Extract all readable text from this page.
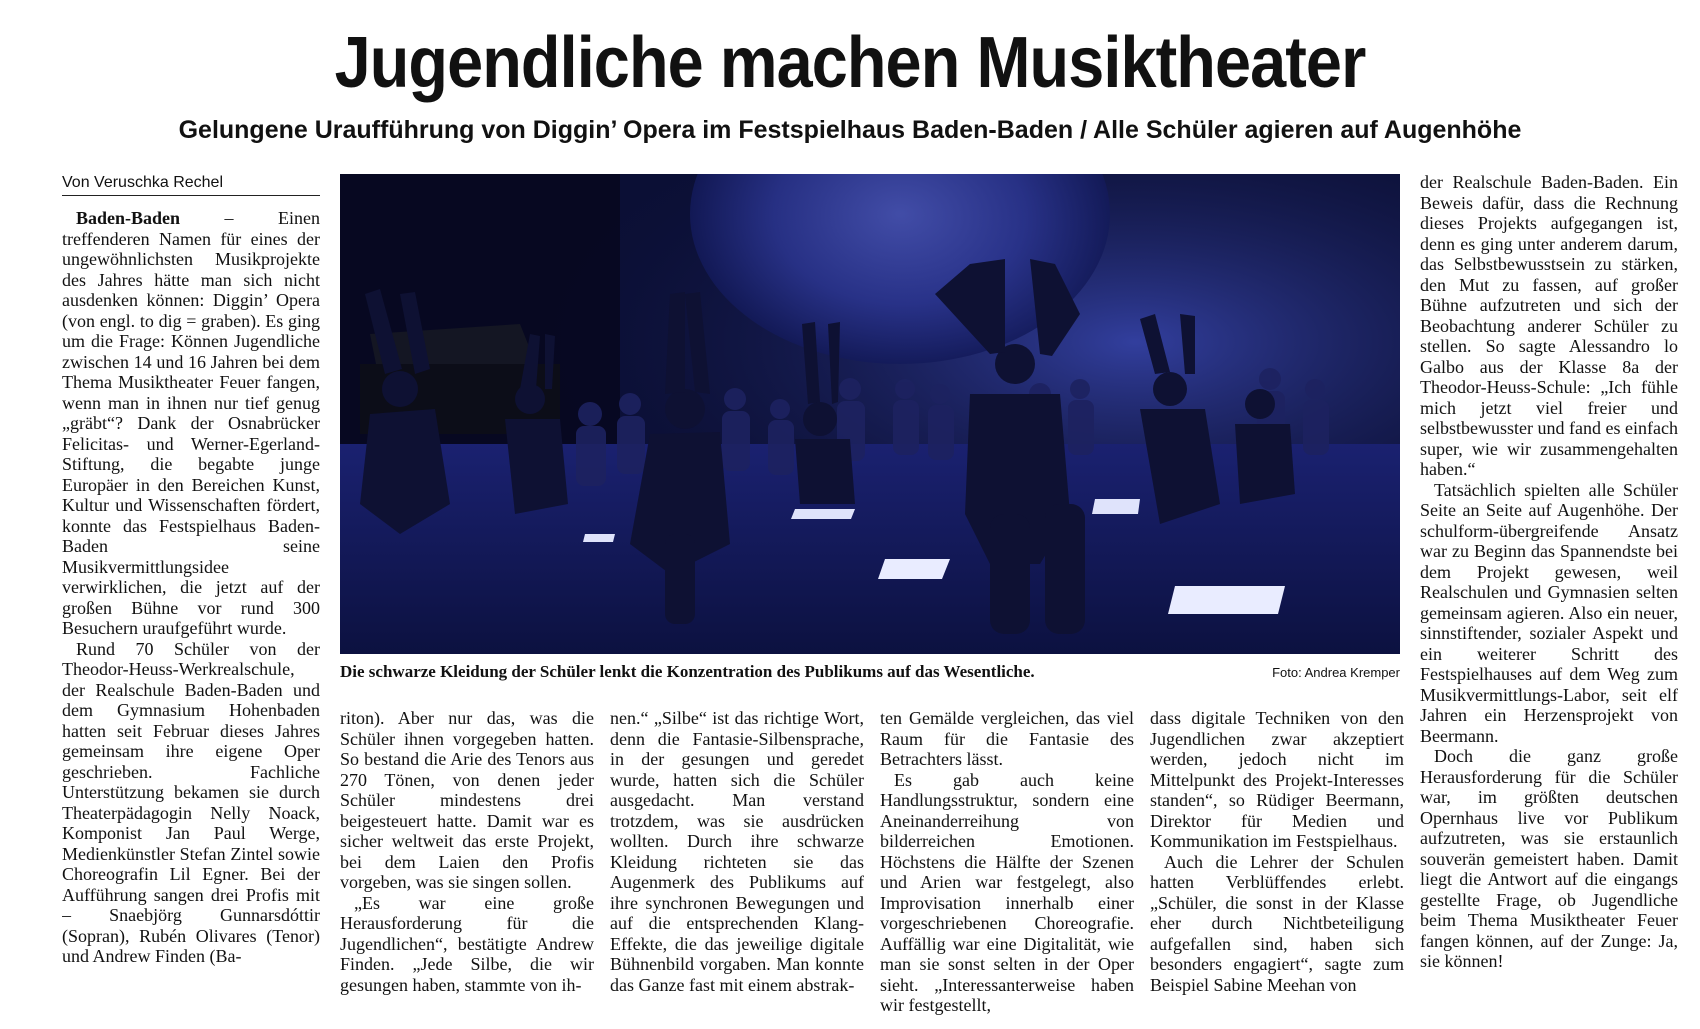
Jugendliche machen Musiktheater
Gelungene Uraufführung von Diggin’ Opera im Festspielhaus Baden-Baden / Alle Schüler agieren auf Augenhöhe
Von Veruschka Rechel

Baden-Baden – Einen treffenderen Namen für eines der ungewöhnlichsten Musikprojekte des Jahres hätte man sich nicht ausdenken können: Diggin’ Opera (von engl. to dig = graben). Es ging um die Frage: Können Jugendliche zwischen 14 und 16 Jahren bei dem Thema Musiktheater Feuer fangen, wenn man in ihnen nur tief genug „gräbt“? Dank der Osnabrücker Felicitas- und Werner-Egerland-Stiftung, die begabte junge Europäer in den Bereichen Kunst, Kultur und Wissenschaften fördert, konnte das Festspielhaus Baden-Baden seine Musikvermittlungsidee verwirklichen, die jetzt auf der großen Bühne vor rund 300 Besuchern uraufgeführt wurde.

Rund 70 Schüler von der Theodor-Heuss-Werkrealschule, der Realschule Baden-Baden und dem Gymnasium Hohenbaden hatten seit Februar dieses Jahres gemeinsam ihre eigene Oper geschrieben. Fachliche Unterstützung bekamen sie durch Theaterpädagogin Nelly Noack, Komponist Jan Paul Werge, Medienkünstler Stefan Zintel sowie Choreografin Lil Egner. Bei der Aufführung sangen drei Profis mit – Snaebjörg Gunnarsdóttir (Sopran), Rubén Olivares (Tenor) und Andrew Finden (Ba-

Die schwarze Kleidung der Schüler lenkt die Konzentration des Publikums auf das Wesentliche.	Foto: Andrea Kremper

riton). Aber nur das, was die Schüler ihnen vorgegeben hatten. So bestand die Arie des Tenors aus 270 Tönen, von denen jeder Schüler mindestens drei beigesteuert hatte. Damit war es sicher weltweit das erste Projekt, bei dem Laien den Profis vorgeben, was sie singen sollen.

„Es war eine große Herausforderung für die Jugendlichen“, bestätigte Andrew Finden. „Jede Silbe, die wir gesungen haben, stammte von ih-

nen.“ „Silbe“ ist das richtige Wort, denn die Fantasie-Silbensprache, in der gesungen und geredet wurde, hatten sich die Schüler ausgedacht. Man verstand trotzdem, was sie ausdrücken wollten. Durch ihre schwarze Kleidung richteten sie das Augenmerk des Publikums auf ihre synchronen Bewegungen und auf die entsprechenden Klang-Effekte, die das jeweilige digitale Bühnenbild vorgaben. Man konnte das Ganze fast mit einem abstrak-

ten Gemälde vergleichen, das viel Raum für die Fantasie des Betrachters lässt.

Es gab auch keine Handlungsstruktur, sondern eine Aneinanderreihung von bilderreichen Emotionen. Höchstens die Hälfte der Szenen und Arien war festgelegt, also Improvisation innerhalb einer vorgeschriebenen Choreografie. Auffällig war eine Digitalität, wie man sie sonst selten in der Oper sieht. „Interessanterweise haben wir festgestellt,

dass digitale Techniken von den Jugendlichen zwar akzeptiert werden, jedoch nicht im Mittelpunkt des Projekt-Interesses standen“, so Rüdiger Beermann, Direktor für Medien und Kommunikation im Festspielhaus.

Auch die Lehrer der Schulen hatten Verblüffendes erlebt. „Schüler, die sonst in der Klasse eher durch Nichtbeteiligung aufgefallen sind, haben sich besonders engagiert“, sagte zum Beispiel Sabine Meehan von

der Realschule Baden-Baden. Ein Beweis dafür, dass die Rechnung dieses Projekts aufgegangen ist, denn es ging unter anderem darum, das Selbstbewusstsein zu stärken, den Mut zu fassen, auf großer Bühne aufzutreten und sich der Beobachtung anderer Schüler zu stellen. So sagte Alessandro lo Galbo aus der Klasse 8a der Theodor-Heuss-Schule: „Ich fühle mich jetzt viel freier und selbstbewusster und fand es einfach super, wie wir zusammengehalten haben.“

Tatsächlich spielten alle Schüler Seite an Seite auf Augenhöhe. Der schulform-übergreifende Ansatz war zu Beginn das Spannendste bei dem Projekt gewesen, weil Realschulen und Gymnasien selten gemeinsam agieren. Also ein neuer, sinnstiftender, sozialer Aspekt und ein weiterer Schritt des Festspielhauses auf dem Weg zum Musikvermittlungs-Labor, seit elf Jahren ein Herzensprojekt von Beermann.

Doch die ganz große Herausforderung für die Schüler war, im größten deutschen Opernhaus live vor Publikum aufzutreten, was sie erstaunlich souverän gemeistert haben. Damit liegt die Antwort auf die eingangs gestellte Frage, ob Jugendliche beim Thema Musiktheater Feuer fangen können, auf der Zunge: Ja, sie können!
